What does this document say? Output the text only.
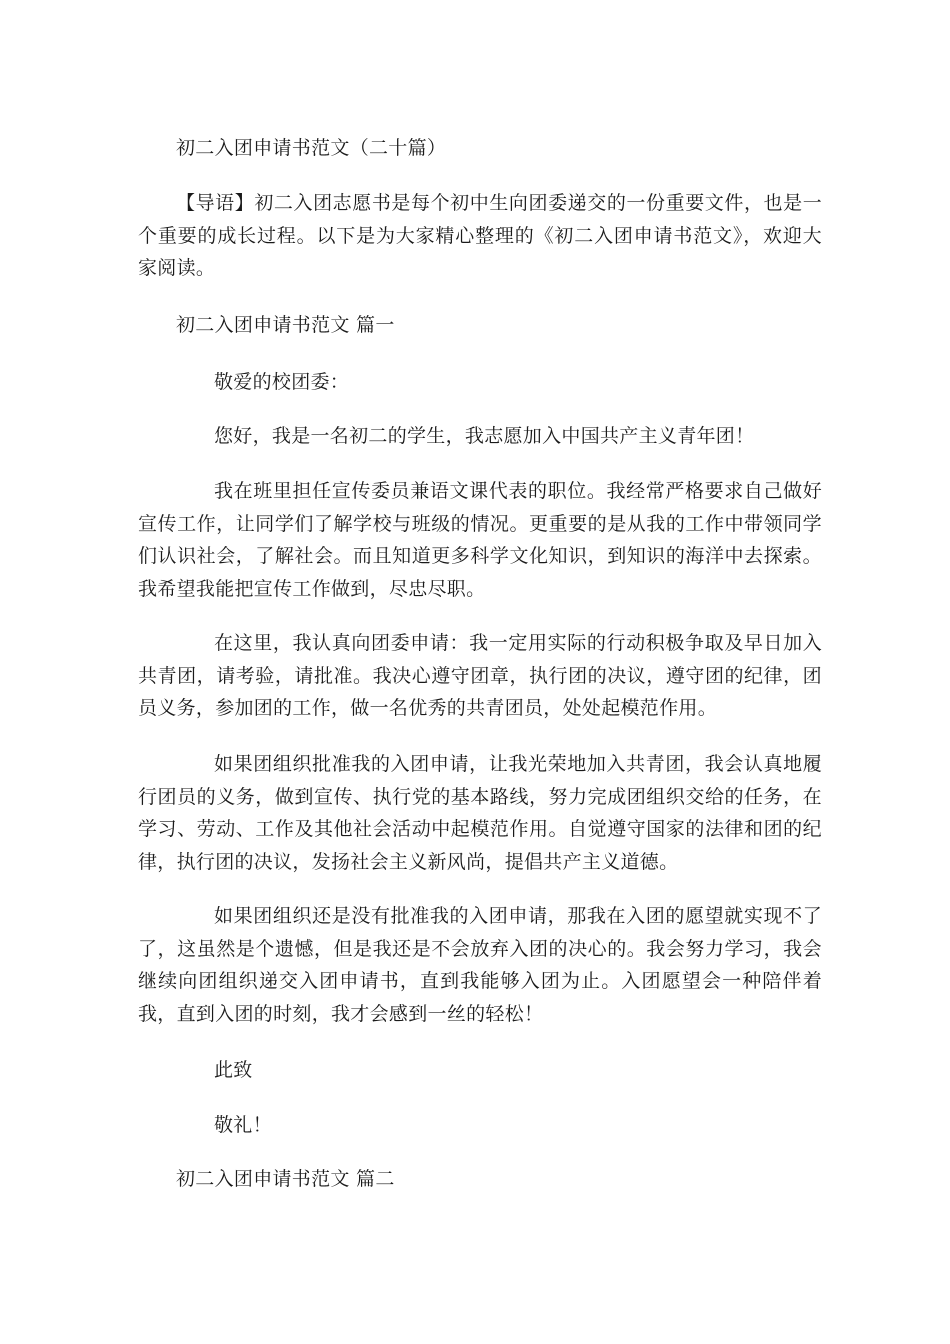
初二入团申请书范文（二十篇）
【导语】初二入团志愿书是每个初中生向团委递交的一份重要文件，也是一个重要的成长过程。以下是为大家精心整理的《初二入团申请书范文》，欢迎大家阅读。
初二入团申请书范文 篇一
敬爱的校团委：
您好，我是一名初二的学生，我志愿加入中国共产主义青年团！
我在班里担任宣传委员兼语文课代表的职位。我经常严格要求自己做好宣传工作，让同学们了解学校与班级的情况。更重要的是从我的工作中带领同学们认识社会，了解社会。而且知道更多科学文化知识，到知识的海洋中去探索。我希望我能把宣传工作做到，尽忠尽职。
在这里，我认真向团委申请：我一定用实际的行动积极争取及早日加入共青团，请考验，请批准。我决心遵守团章，执行团的决议，遵守团的纪律，团员义务，参加团的工作，做一名优秀的共青团员，处处起模范作用。
如果团组织批准我的入团申请，让我光荣地加入共青团，我会认真地履行团员的义务，做到宣传、执行党的基本路线，努力完成团组织交给的任务，在学习、劳动、工作及其他社会活动中起模范作用。自觉遵守国家的法律和团的纪律，执行团的决议，发扬社会主义新风尚，提倡共产主义道德。
如果团组织还是没有批准我的入团申请，那我在入团的愿望就实现不了了，这虽然是个遗憾，但是我还是不会放弃入团的决心的。我会努力学习，我会继续向团组织递交入团申请书，直到我能够入团为止。入团愿望会一种陪伴着我，直到入团的时刻，我才会感到一丝的轻松！
此致
敬礼！
初二入团申请书范文 篇二
